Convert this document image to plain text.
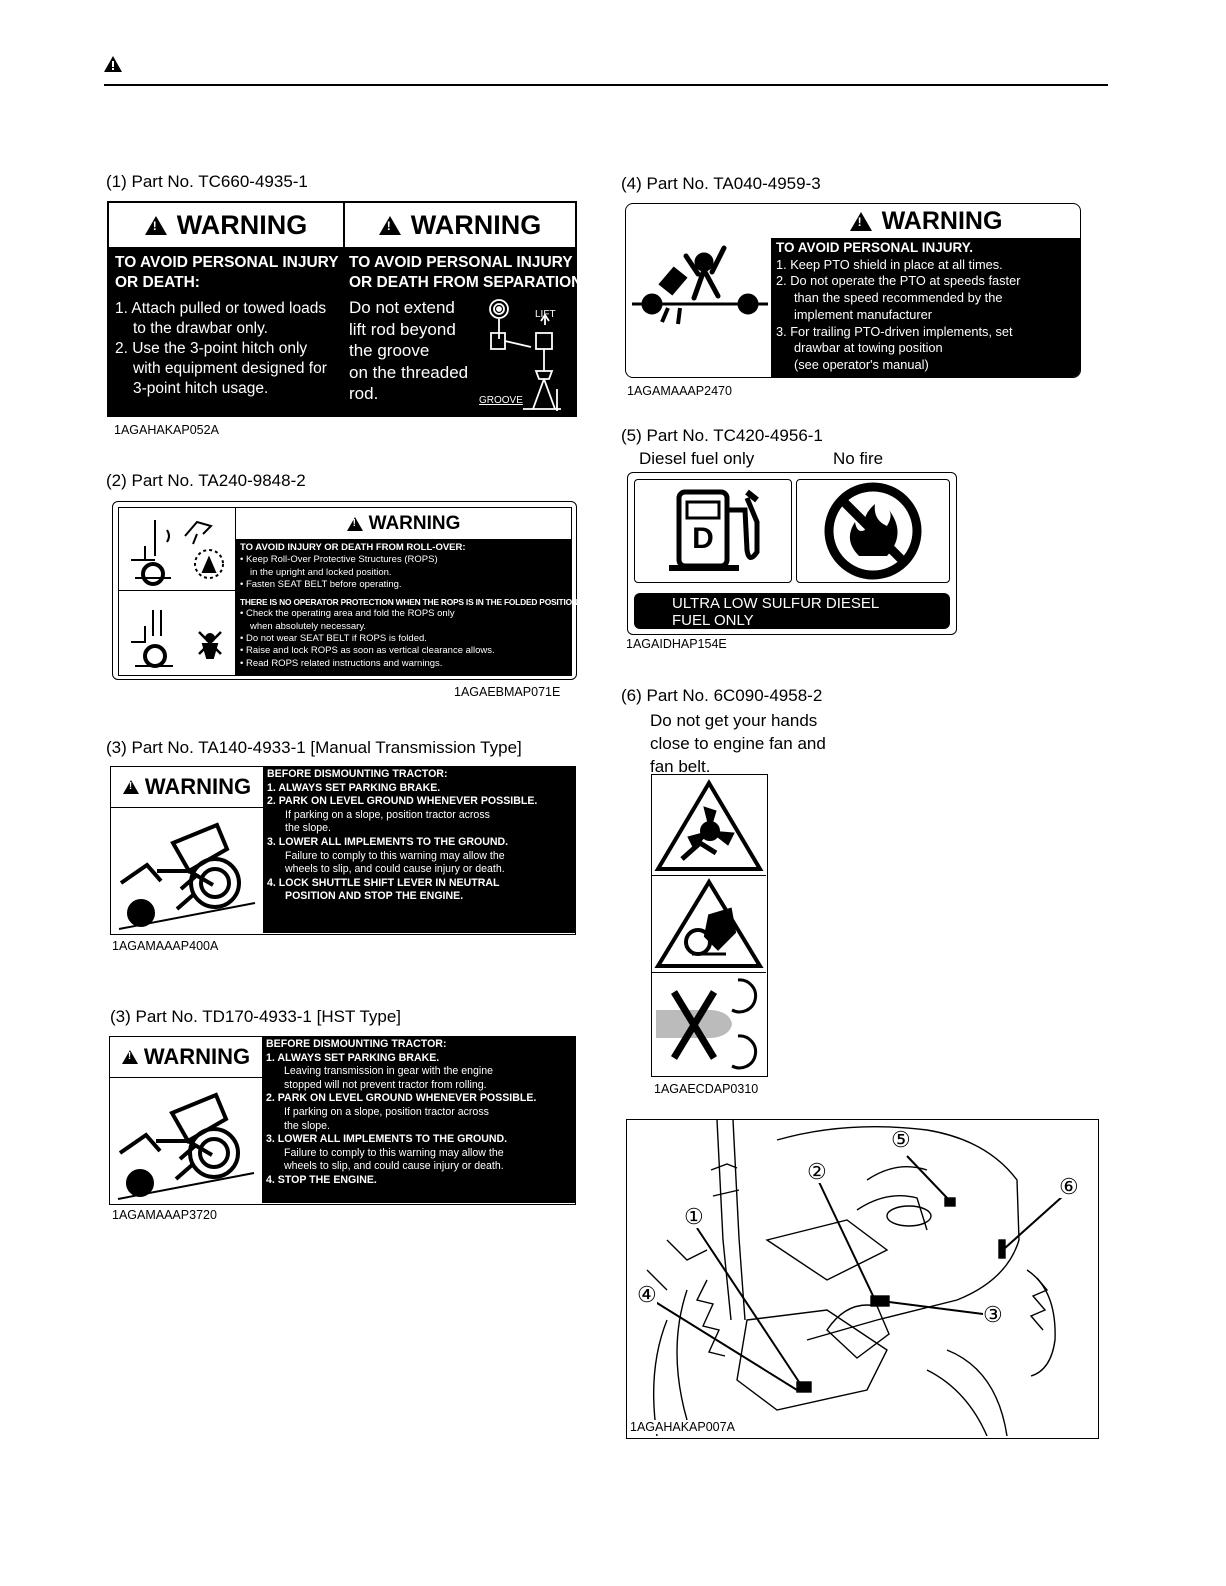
(1) Part No. TC660-4935-1
!
WARNING
TO AVOID PERSONAL INJURY
OR DEATH:
1. Attach pulled or towed loads
to the drawbar only.
2. Use the 3-point hitch only
with equipment designed for
3-point hitch usage.
!
WARNING
TO AVOID PERSONAL INJURY
OR DEATH FROM SEPARATION:
Do not extend
lift rod beyond
the groove
on the threaded
rod.
LIFT
GROOVE
1AGAHAKAP052A
(2) Part No. TA240-9848-2
!
WARNING
TO AVOID INJURY OR DEATH FROM ROLL-OVER:
• Keep Roll-Over Protective Structures (ROPS)
in the upright and locked position.
• Fasten SEAT BELT before operating.
THERE IS NO OPERATOR PROTECTION WHEN THE ROPS IS IN THE FOLDED POSITION:
• Check the operating area and fold the ROPS only
when absolutely necessary.
• Do not wear SEAT BELT if ROPS is folded.
• Raise and lock ROPS as soon as vertical clearance allows.
• Read ROPS related instructions and warnings.
1AGAEBMAP071E
(3) Part No. TA140-4933-1 [Manual Transmission Type]
!
WARNING BEFORE DISMOUNTING TRACTOR:
1. ALWAYS SET PARKING BRAKE.
2. PARK ON LEVEL GROUND WHENEVER POSSIBLE.
If parking on a slope, position tractor across
the slope.
3. LOWER ALL IMPLEMENTS TO THE GROUND.
Failure to comply to this warning may allow the
wheels to slip, and could cause injury or death.
4. LOCK SHUTTLE SHIFT LEVER IN NEUTRAL
POSITION AND STOP THE ENGINE.
1AGAMAAAP400A
(3) Part No. TD170-4933-1 [HST Type]
!
WARNING BEFORE DISMOUNTING TRACTOR:
1. ALWAYS SET PARKING BRAKE.
Leaving transmission in gear with the engine
stopped will not prevent tractor from rolling.
2. PARK ON LEVEL GROUND WHENEVER POSSIBLE.
If parking on a slope, position tractor across
the slope.
3. LOWER ALL IMPLEMENTS TO THE GROUND.
Failure to comply to this warning may allow the
wheels to slip, and could cause injury or death.
4. STOP THE ENGINE.
1AGAMAAAP3720
(4) Part No. TA040-4959-3
!
WARNING
TO AVOID PERSONAL INJURY.
1. Keep PTO shield in place at all times.
2. Do not operate the PTO at speeds faster
than the speed recommended by the
implement manufacturer
3. For trailing PTO-driven implements, set
drawbar at towing position
(see operator's manual)
1AGAMAAAP2470
(5) Part No. TC420-4956-1
Diesel fuel only	No fire
D
ULTRA LOW SULFUR DIESEL
FUEL ONLY
1AGAIDHAP154E
(6) Part No. 6C090-4958-2
Do not get your hands
close to engine fan and
fan belt.
1AGAECDAP0310
①
②
③
④
⑤
⑥
1AGAHAKAP007A
